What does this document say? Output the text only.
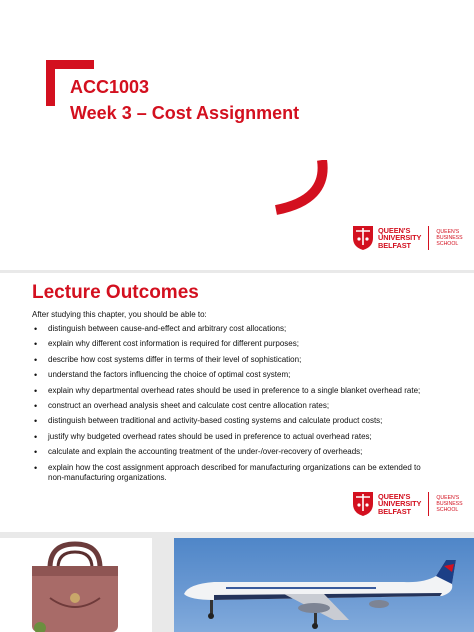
ACC1003
Week 3 – Cost Assignment
QUEEN'S
UNIVERSITY
BELFAST
QUEEN'S
BUSINESS
SCHOOL
Lecture Outcomes
After studying this chapter, you should be able to:
• distinguish between cause-and-effect and arbitrary cost allocations;
• explain why different cost information is required for different purposes;
• describe how cost systems differ in terms of their level of sophistication;
• understand the factors influencing the choice of optimal cost system;
• explain why departmental overhead rates should be used in preference to a single blanket overhead rate;
• construct an overhead analysis sheet and calculate cost centre allocation rates;
• distinguish between traditional and activity-based costing systems and calculate product costs;
• justify why budgeted overhead rates should be used in preference to actual overhead rates;
• calculate and explain the accounting treatment of the under-/over-recovery of overheads;
• explain how the cost assignment approach described for manufacturing organizations can be extended to non-manufacturing organizations.
QUEEN'S
UNIVERSITY
BELFAST
QUEEN'S
BUSINESS
SCHOOL
